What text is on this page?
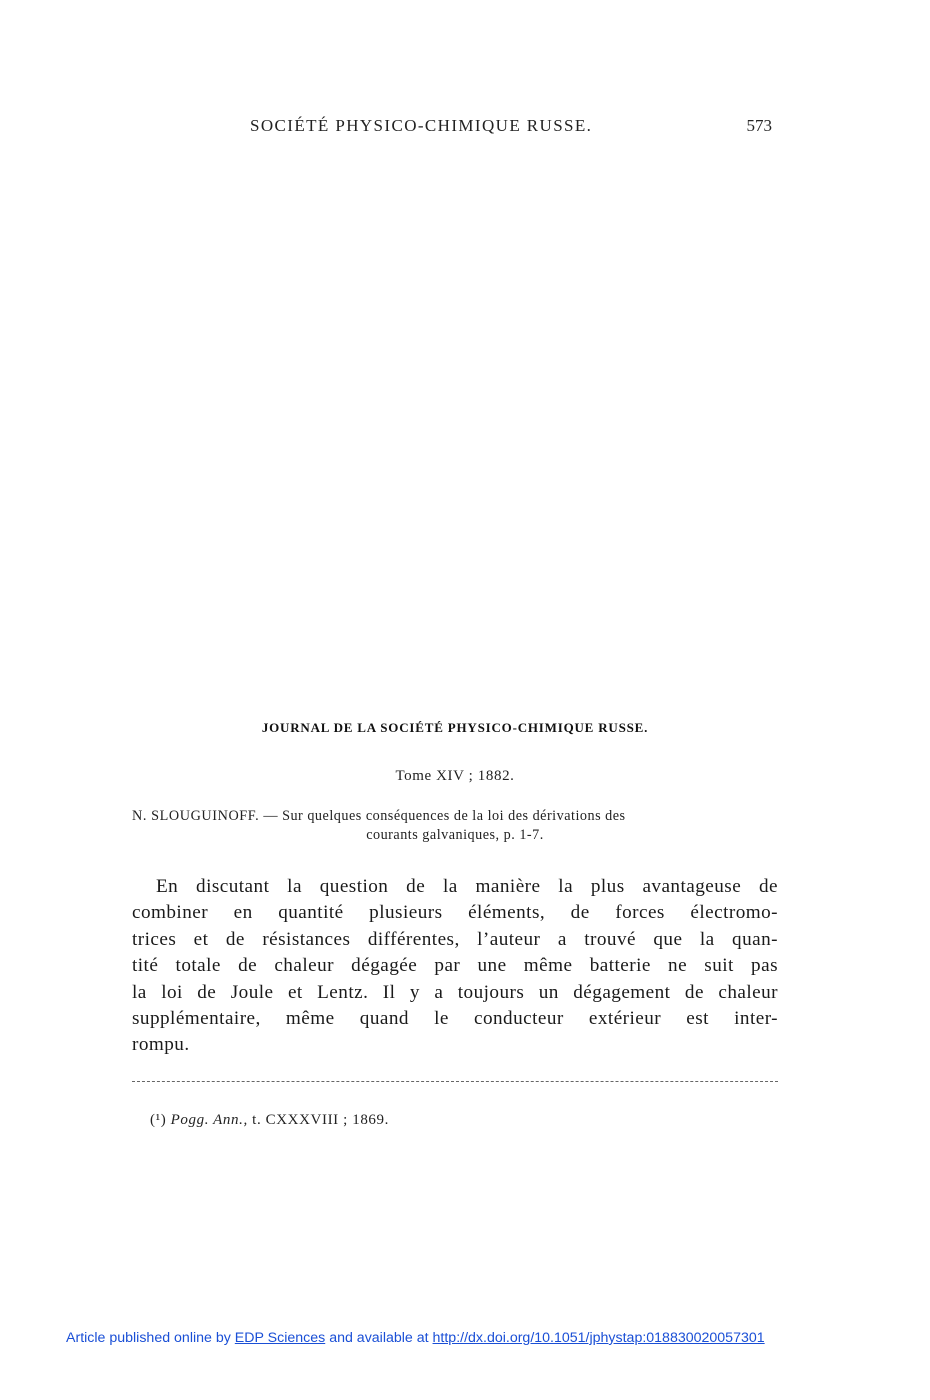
SOCIÉTÉ PHYSICO-CHIMIQUE RUSSE.	573
JOURNAL DE LA SOCIÉTÉ PHYSICO-CHIMIQUE RUSSE.
Tome XIV ; 1882.
N. SLOUGUINOFF. — Sur quelques conséquences de la loi des dérivations des
courants galvaniques, p. 1-7.
En discutant la question de la manière la plus avantageuse de
combiner en quantité plusieurs éléments, de forces électromo-
trices et de résistances différentes, l’auteur a trouvé que la quan-
tité totale de chaleur dégagée par une même batterie ne suit pas
la loi de Joule et Lentz. Il y a toujours un dégagement de chaleur
supplémentaire, même quand le conducteur extérieur est inter-
rompu.
(¹) Pogg. Ann., t. CXXXVIII ; 1869.
Article published online by EDP Sciences and available at http://dx.doi.org/10.1051/jphystap:018830020057301
